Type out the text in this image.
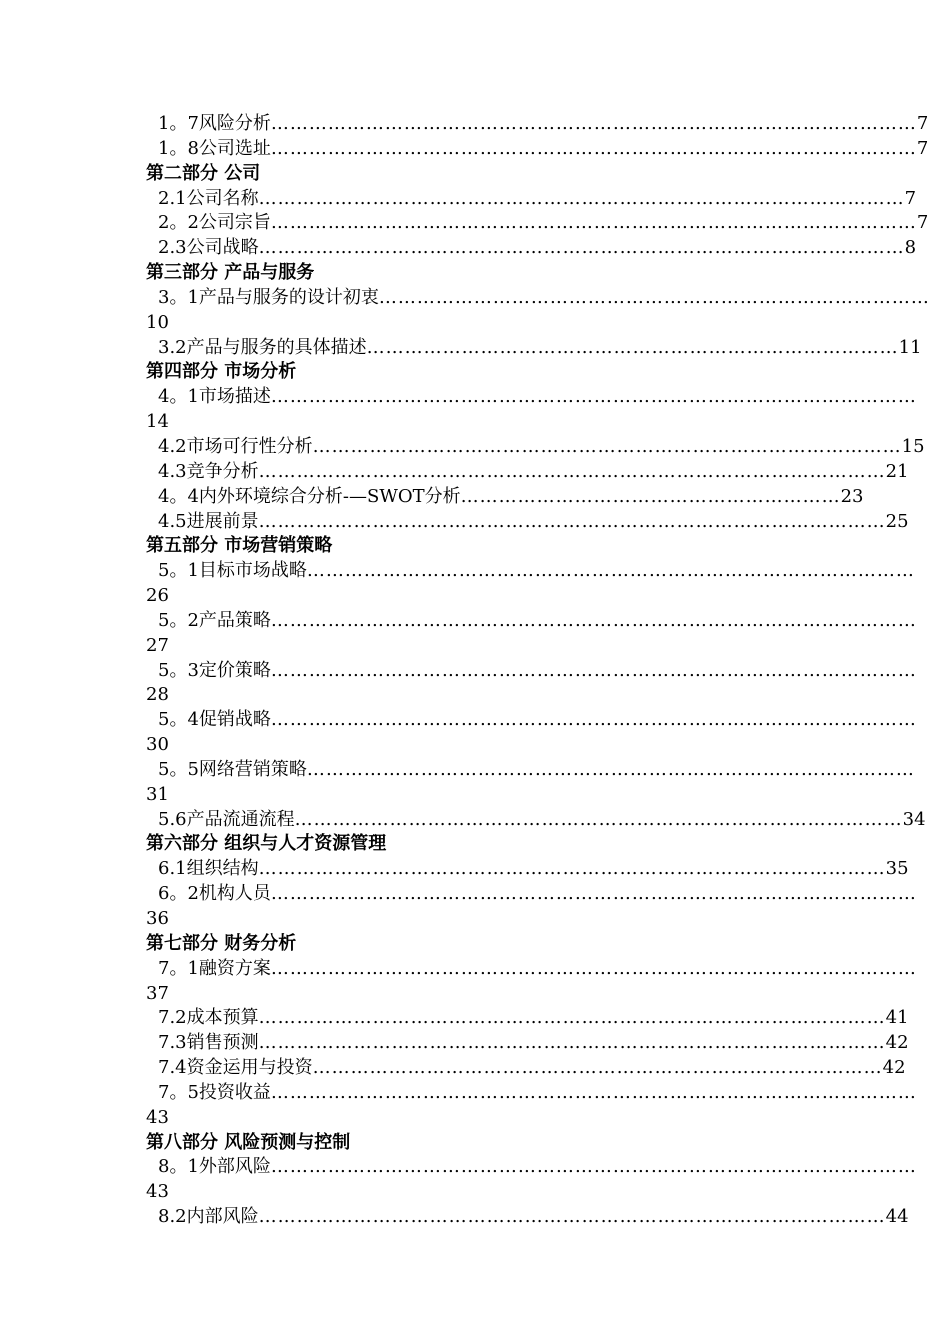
1。7风险分析…………………………………………………………………………………………7
1。8公司选址…………………………………………………………………………………………7
第二部分 公司
2.1公司名称…………………………………………………………………………………………7
2。2公司宗旨…………………………………………………………………………………………7
2.3公司战略…………………………………………………………………………………………8
第三部分 产品与服务
3。1产品与服务的设计初衷……………………………………………………………………………
10
3.2产品与服务的具体描述…………………………………………………………………………11
第四部分 市场分析
4。1市场描述…………………………………………………………………………………………
14
4.2市场可行性分析…………………………………………………………………………………15
4.3竞争分析………………………………………………………………………………………21
4。4内外环境综合分析-—SWOT分析……………………………………………………23
4.5进展前景………………………………………………………………………………………25
第五部分 市场营销策略
5。1目标市场战略……………………………………………………………………………………
26
5。2产品策略…………………………………………………………………………………………
27
5。3定价策略…………………………………………………………………………………………
28
5。4促销战略…………………………………………………………………………………………
30
5。5网络营销策略……………………………………………………………………………………
31
5.6产品流通流程……………………………………………………………………………………34
第六部分 组织与人才资源管理
6.1组织结构………………………………………………………………………………………35
6。2机构人员…………………………………………………………………………………………
36
第七部分 财务分析
7。1融资方案…………………………………………………………………………………………
37
7.2成本预算………………………………………………………………………………………41
7.3销售预测………………………………………………………………………………………42
7.4资金运用与投资………………………………………………………………………………42
7。5投资收益…………………………………………………………………………………………
43
第八部分 风险预测与控制
8。1外部风险…………………………………………………………………………………………
43
8.2内部风险………………………………………………………………………………………44
